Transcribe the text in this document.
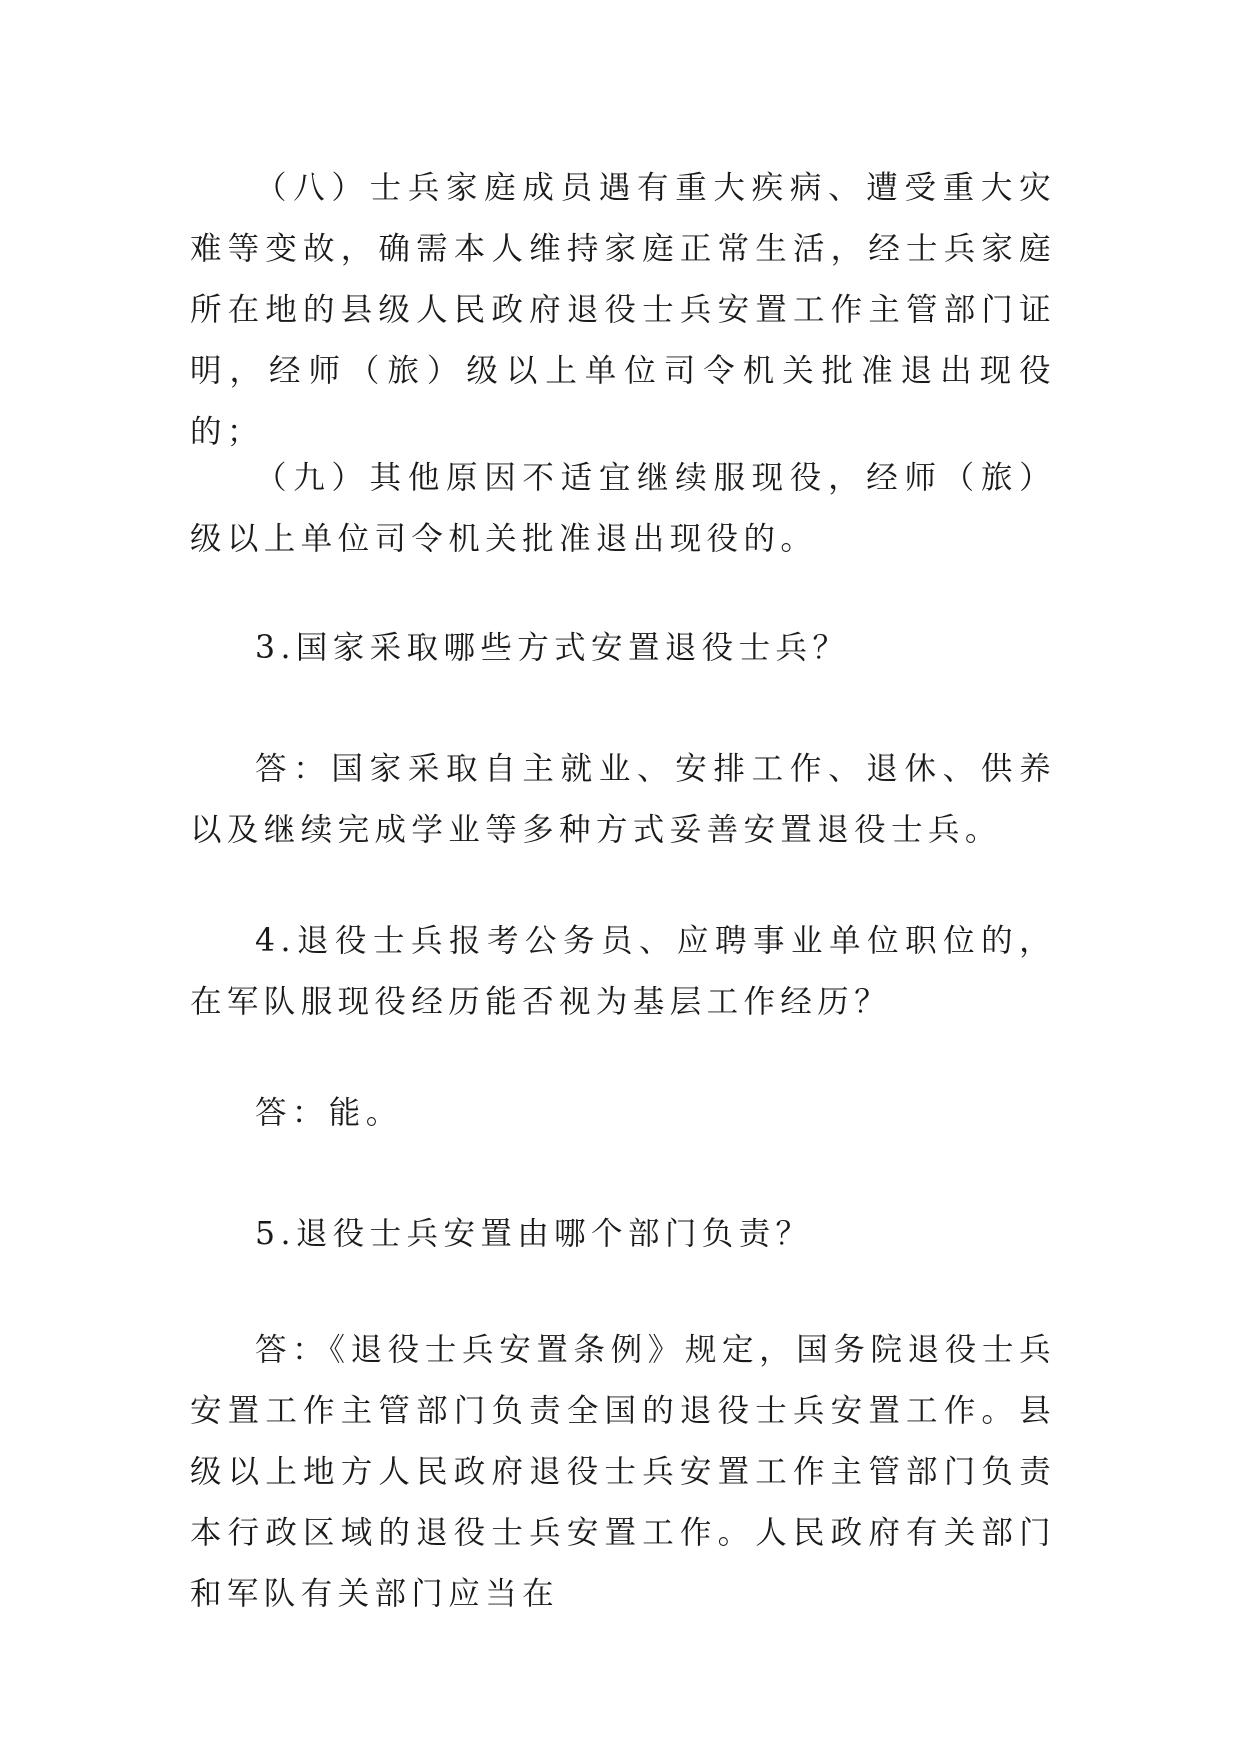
（八）士兵家庭成员遇有重大疾病、遭受重大灾难等变故，确需本人维持家庭正常生活，经士兵家庭所在地的县级人民政府退役士兵安置工作主管部门证明，经师（旅）级以上单位司令机关批准退出现役的；

（九）其他原因不适宜继续服现役，经师（旅）级以上单位司令机关批准退出现役的。

3.国家采取哪些方式安置退役士兵？

答：国家采取自主就业、安排工作、退休、供养以及继续完成学业等多种方式妥善安置退役士兵。

4.退役士兵报考公务员、应聘事业单位职位的，在军队服现役经历能否视为基层工作经历？

答：能。

5.退役士兵安置由哪个部门负责？

答：《退役士兵安置条例》规定，国务院退役士兵安置工作主管部门负责全国的退役士兵安置工作。县级以上地方人民政府退役士兵安置工作主管部门负责本行政区域的退役士兵安置工作。人民政府有关部门和军队有关部门应当在
